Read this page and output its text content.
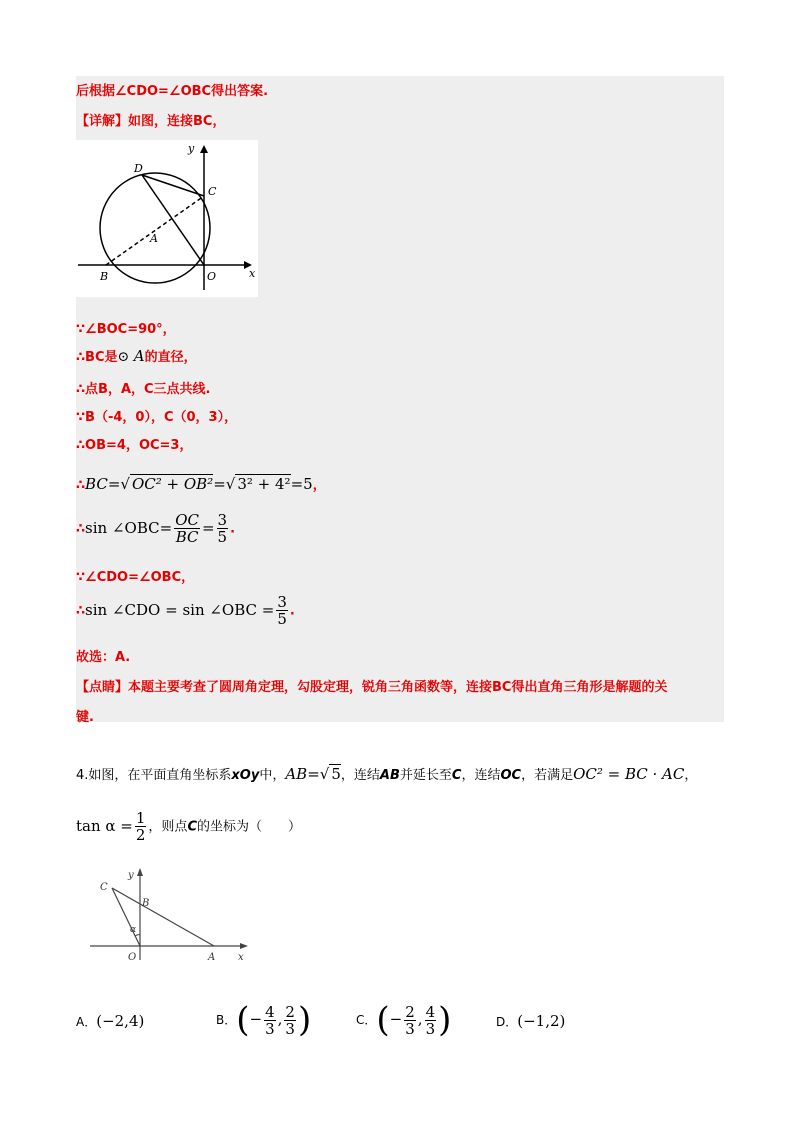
后根据∠CDO=∠OBC得出答案.
【详解】如图，连接BC，
D
C
A
B	O	x
y
∵∠BOC=90°，
∴BC是⊙ A的直径，
∴点B，A，C三点共线.
∵B（-4，0），C（0，3），
∴OB=4，OC=3，
∴BC=√ OC² + OB²=√ 3² + 4²=5，
∴sin ∠OBC= $\frac{OC}{BC} = \frac{3}{5}$ .
∵∠CDO=∠OBC，
∴sin ∠CDO = sin ∠OBC = $\frac{3}{5}$ .
故选：A.
【点睛】本题主要考查了圆周角定理，勾股定理，锐角三角函数等，连接BC得出直角三角形是解题的关
键.
4.如图，在平面直角坐标系xOy中，AB=√ 5，连结AB并延长至C，连结OC，若满足OC² = BC · AC，
$\tan \alpha = \frac{1}{2}$ ，则点C的坐标为（　　）
C
y
B
α
O	A x
A．(−2,4)	B．(− $\frac{4}{3}$ , $\frac{2}{3}$ )	C．(− $\frac{2}{3}$ , $\frac{4}{3}$ )	D．(−1,2)
